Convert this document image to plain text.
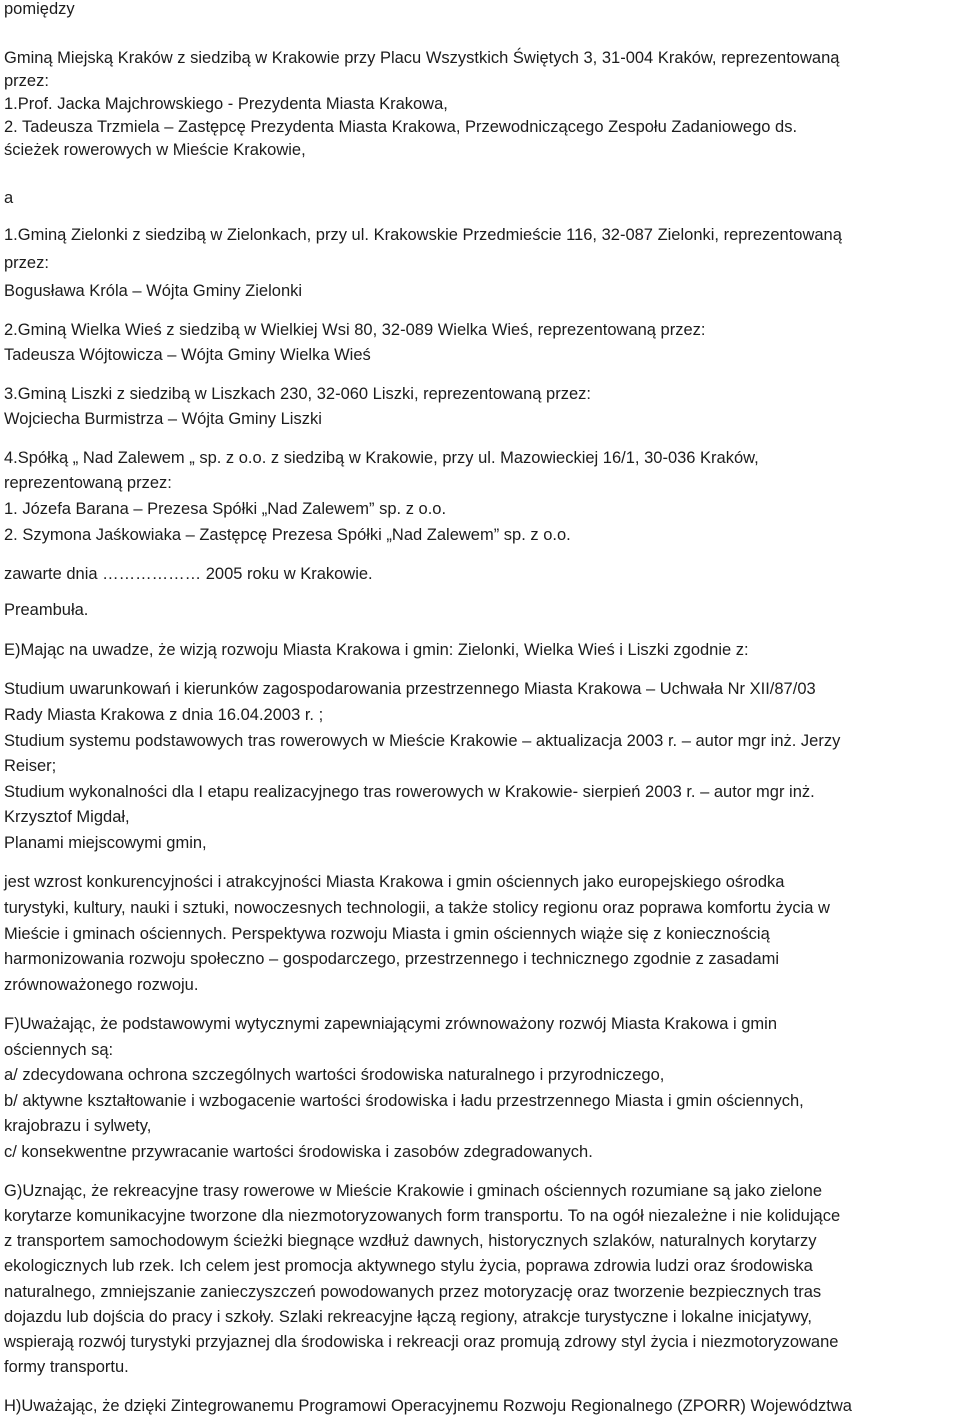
pomiędzy
Gminą Miejską Kraków z siedzibą w Krakowie przy Placu Wszystkich Świętych 3, 31-004 Kraków, reprezentowaną
przez:
1.Prof. Jacka Majchrowskiego - Prezydenta Miasta Krakowa,
2. Tadeusza Trzmiela – Zastępcę Prezydenta Miasta Krakowa, Przewodniczącego Zespołu Zadaniowego ds.
ścieżek rowerowych w Mieście Krakowie,
a
1.Gminą Zielonki z siedzibą w Zielonkach, przy ul. Krakowskie Przedmieście 116, 32-087 Zielonki, reprezentowaną
przez:
Bogusława Króla – Wójta Gminy Zielonki
2.Gminą Wielka Wieś z siedzibą w Wielkiej Wsi 80, 32-089 Wielka Wieś, reprezentowaną przez:
Tadeusza Wójtowicza – Wójta Gminy Wielka Wieś
3.Gminą Liszki z siedzibą w Liszkach 230, 32-060 Liszki, reprezentowaną przez:
Wojciecha Burmistrza – Wójta Gminy Liszki
4.Spółką „ Nad Zalewem „ sp. z o.o. z siedzibą w Krakowie, przy ul. Mazowieckiej 16/1, 30-036 Kraków,
reprezentowaną przez:
1. Józefa Barana – Prezesa Spółki „Nad Zalewem” sp. z o.o.
2. Szymona Jaśkowiaka – Zastępcę Prezesa Spółki „Nad Zalewem” sp. z o.o.
zawarte dnia ……………… 2005 roku w Krakowie.
Preambuła.
E)Mając na uwadze, że wizją rozwoju Miasta Krakowa i gmin: Zielonki, Wielka Wieś i Liszki zgodnie z:
Studium uwarunkowań i kierunków zagospodarowania przestrzennego Miasta Krakowa – Uchwała Nr XII/87/03
Rady Miasta Krakowa z dnia 16.04.2003 r. ;
Studium systemu podstawowych tras rowerowych w Mieście Krakowie – aktualizacja 2003 r. – autor mgr inż. Jerzy
Reiser;
Studium wykonalności dla I etapu realizacyjnego tras rowerowych w Krakowie- sierpień 2003 r. – autor mgr inż.
Krzysztof Migdał,
Planami miejscowymi gmin,
jest wzrost konkurencyjności i atrakcyjności Miasta Krakowa i gmin ościennych jako europejskiego ośrodka
turystyki, kultury, nauki i sztuki, nowoczesnych technologii, a także stolicy regionu oraz poprawa komfortu życia w
Mieście i gminach ościennych. Perspektywa rozwoju Miasta i gmin ościennych wiąże się z koniecznością
harmonizowania rozwoju społeczno – gospodarczego, przestrzennego i technicznego zgodnie z zasadami
zrównoważonego rozwoju.
F)Uważając, że podstawowymi wytycznymi zapewniającymi zrównoważony rozwój Miasta Krakowa i gmin
ościennych są:
a/ zdecydowana ochrona szczególnych wartości środowiska naturalnego i przyrodniczego,
b/ aktywne kształtowanie i wzbogacenie wartości środowiska i ładu przestrzennego Miasta i gmin ościennych,
krajobrazu i sylwety,
c/ konsekwentne przywracanie wartości środowiska i zasobów zdegradowanych.
G)Uznając, że rekreacyjne trasy rowerowe w Mieście Krakowie i gminach ościennych rozumiane są jako zielone
korytarze komunikacyjne tworzone dla niezmotoryzowanych form transportu. To na ogół niezależne i nie kolidujące
z transportem samochodowym ścieżki biegnące wzdłuż dawnych, historycznych szlaków, naturalnych korytarzy
ekologicznych lub rzek. Ich celem jest promocja aktywnego stylu życia, poprawa zdrowia ludzi oraz środowiska
naturalnego, zmniejszanie zanieczyszczeń powodowanych przez motoryzację oraz tworzenie bezpiecznych tras
dojazdu lub dojścia do pracy i szkoły. Szlaki rekreacyjne łączą regiony, atrakcje turystyczne i lokalne inicjatywy,
wspierają rozwój turystyki przyjaznej dla środowiska i rekreacji oraz promują zdrowy styl życia i niezmotoryzowane
formy transportu.
H)Uważając, że dzięki Zintegrowanemu Programowi Operacyjnemu Rozwoju Regionalnego (ZPORR) Województwa
